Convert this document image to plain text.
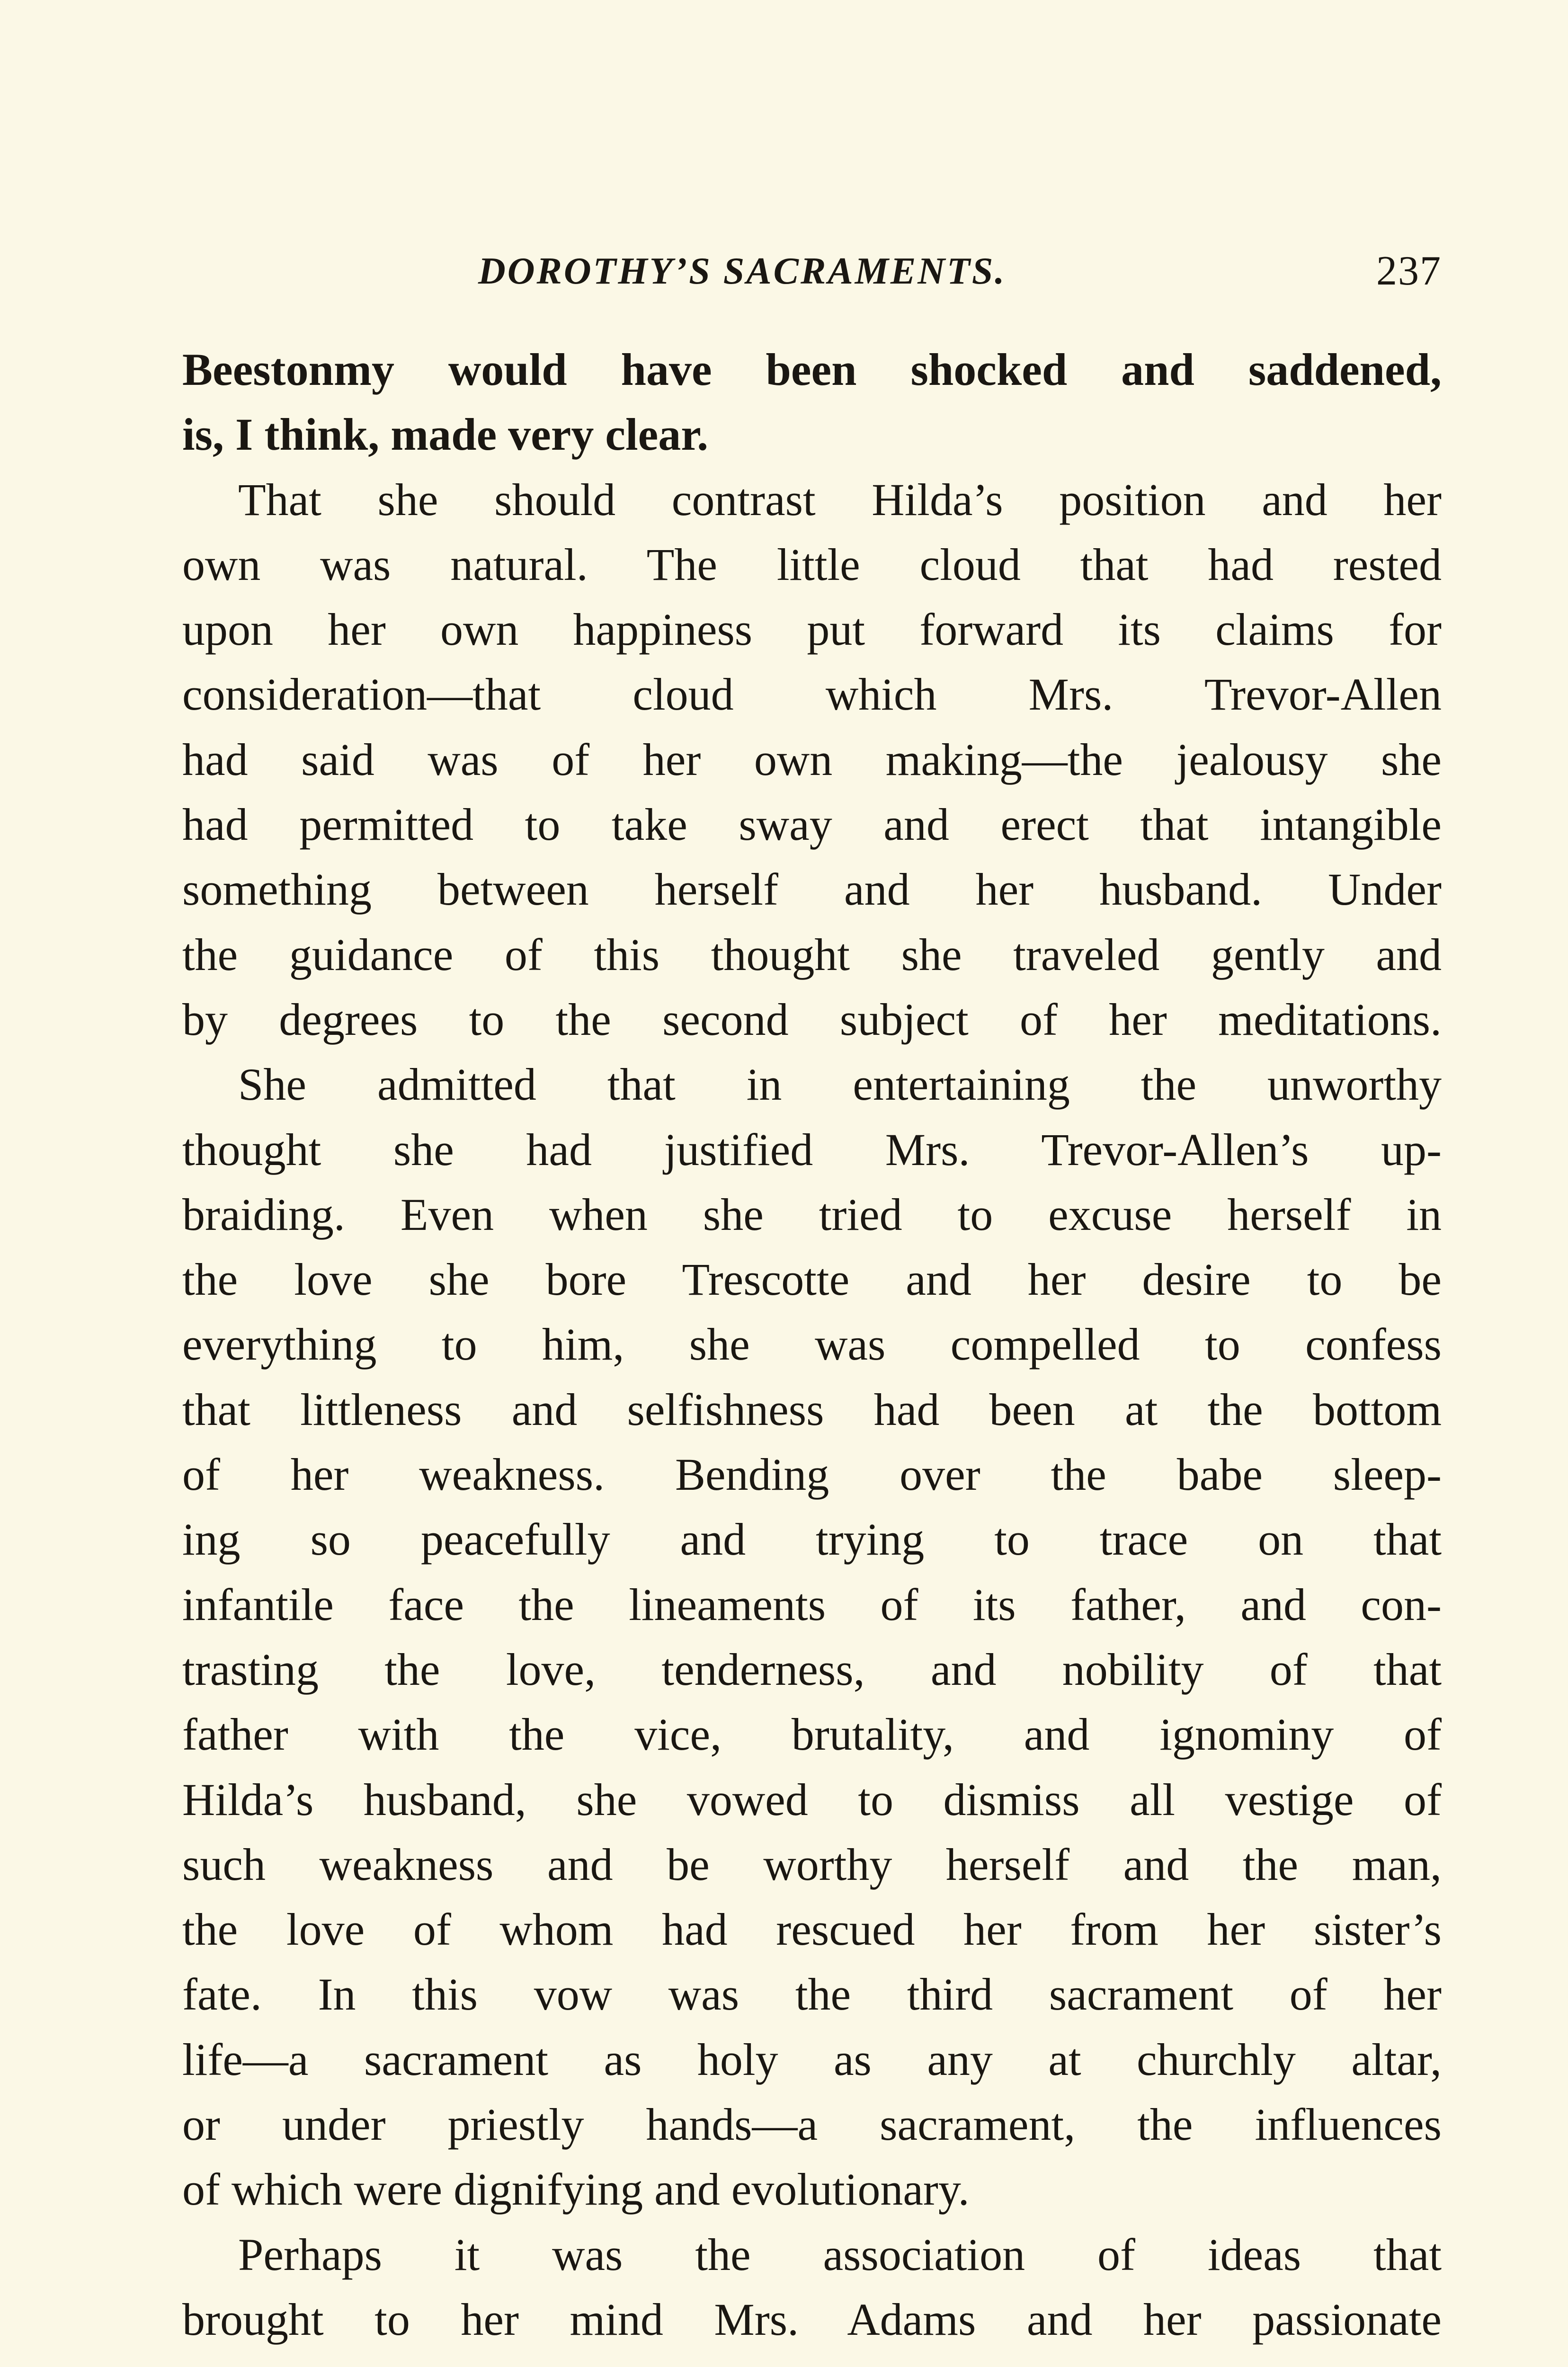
DOROTHY’S SACRAMENTS.	237
Beestonmy would have been shocked and saddened,
is, I think, made very clear.
That she should contrast Hilda’s position and her
own was natural. The little cloud that had rested
upon her own happiness put forward its claims for
consideration—that cloud which Mrs. Trevor-Allen
had said was of her own making—the jealousy she
had permitted to take sway and erect that intangible
something between herself and her husband. Under
the guidance of this thought she traveled gently and
by degrees to the second subject of her meditations.
She admitted that in entertaining the unworthy
thought she had justified Mrs. Trevor-Allen’s up-
braiding. Even when she tried to excuse herself in
the love she bore Trescotte and her desire to be
everything to him, she was compelled to confess
that littleness and selfishness had been at the bottom
of her weakness. Bending over the babe sleep-
ing so peacefully and trying to trace on that
infantile face the lineaments of its father, and con-
trasting the love, tenderness, and nobility of that
father with the vice, brutality, and ignominy of
Hilda’s husband, she vowed to dismiss all vestige of
such weakness and be worthy herself and the man,
the love of whom had rescued her from her sister’s
fate. In this vow was the third sacrament of her
life—a sacrament as holy as any at churchly altar,
or under priestly hands—a sacrament, the influences
of which were dignifying and evolutionary.
Perhaps it was the association of ideas that
brought to her mind Mrs. Adams and her passionate
